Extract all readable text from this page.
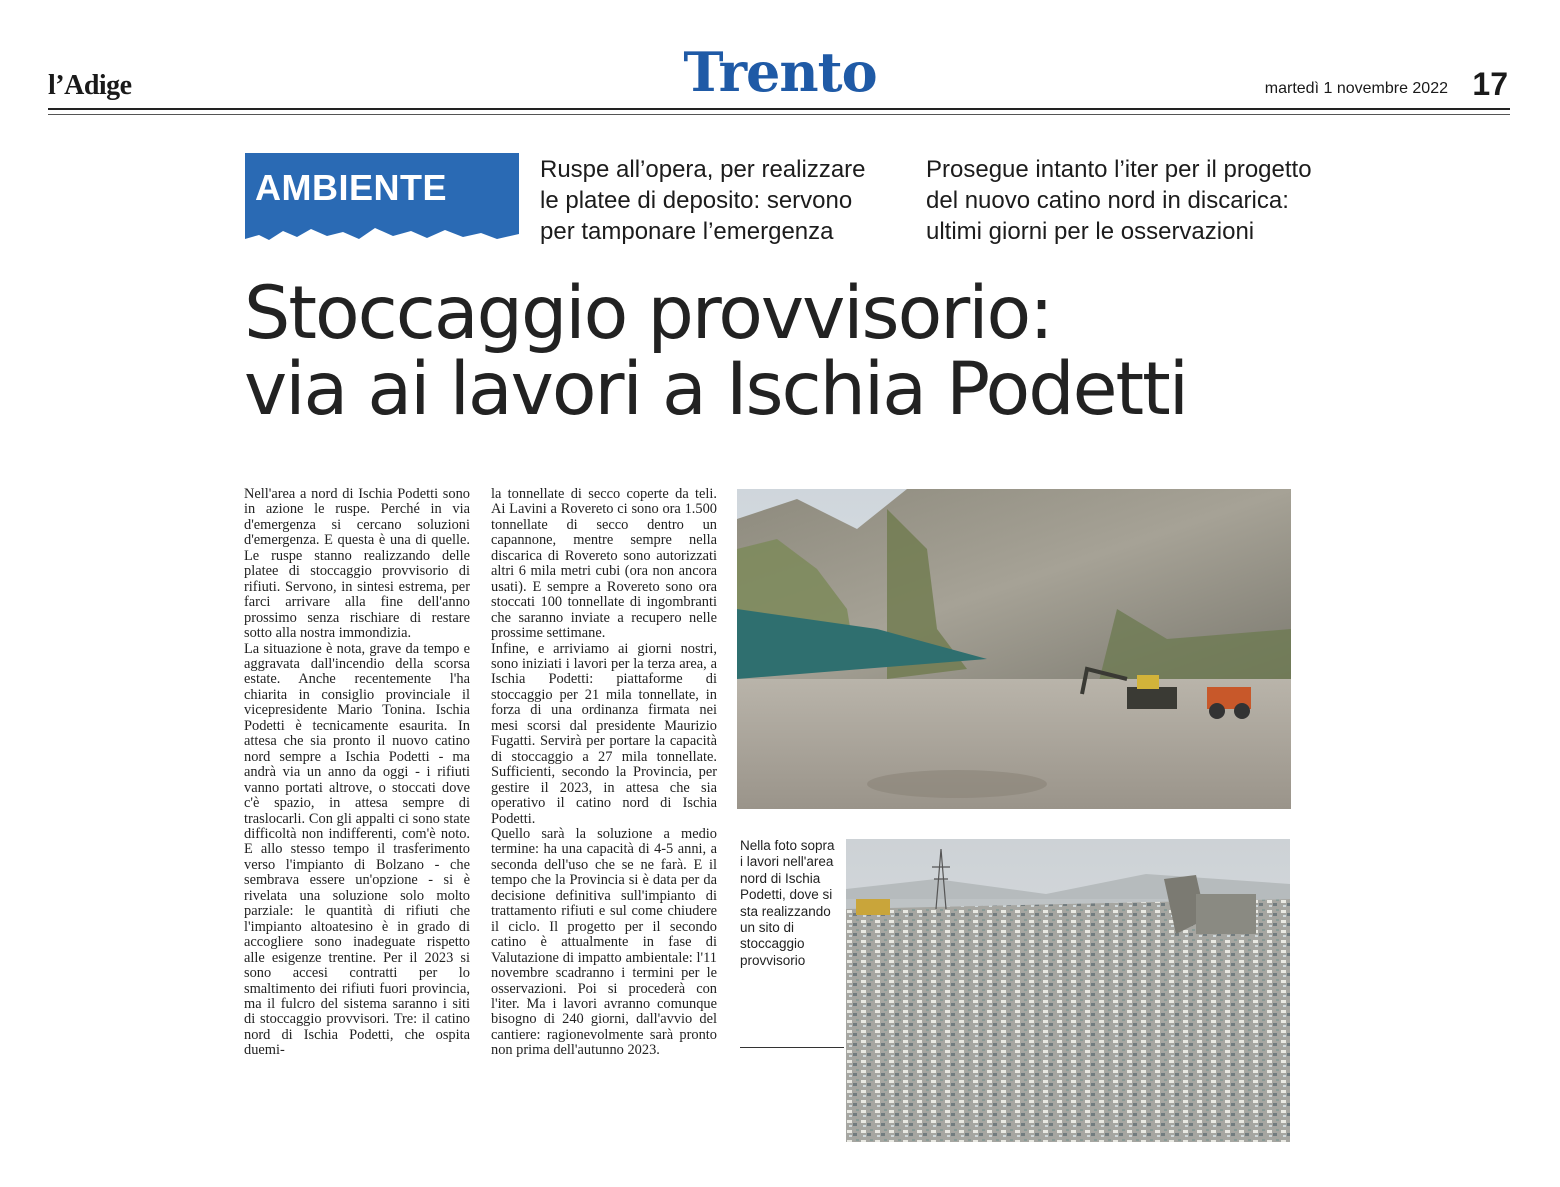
l’Adige	Trento	martedì 1 novembre 2022 17
AMBIENTE	Ruspe all’opera, per realizzare le platee di deposito: servono per tamponare l’emergenza
Prosegue intanto l’iter per il progetto del nuovo catino nord in discarica: ultimi giorni per le osservazioni
Stoccaggio provvisorio:
via ai lavori a Ischia Podetti

Nell'area a nord di Ischia Podetti sono in azione le ruspe. Perché in via d'emergenza si cercano soluzioni d'emergenza. E questa è una di quelle. Le ruspe stanno realizzando delle platee di stoccaggio provvisorio di rifiuti. Servono, in sintesi estrema, per farci arrivare alla fine dell'anno prossimo senza rischiare di restare sotto alla nostra immondizia.

La situazione è nota, grave da tempo e aggravata dall'incendio della scorsa estate. Anche recentemente l'ha chiarita in consiglio provinciale il vicepresidente Mario Tonina. Ischia Podetti è tecnicamente esaurita. In attesa che sia pronto il nuovo catino nord sempre a Ischia Podetti - ma andrà via un anno da oggi - i rifiuti vanno portati altrove, o stoccati dove c'è spazio, in attesa sempre di traslocarli. Con gli appalti ci sono state difficoltà non indifferenti, com'è noto. E allo stesso tempo il trasferimento verso l'impianto di Bolzano - che sembrava essere un'opzione - si è rivelata una soluzione solo molto parziale: le quantità di rifiuti che l'impianto altoatesino è in grado di accogliere sono inadeguate rispetto alle esigenze trentine. Per il 2023 si sono accesi contratti per lo smaltimento dei rifiuti fuori provincia, ma il fulcro del sistema saranno i siti di stoccaggio provvisori. Tre: il catino nord di Ischia Podetti, che ospita duemi-

la tonnellate di secco coperte da teli. Ai Lavini a Rovereto ci sono ora 1.500 tonnellate di secco dentro un capannone, mentre sempre nella discarica di Rovereto sono autorizzati altri 6 mila metri cubi (ora non ancora usati). E sempre a Rovereto sono ora stoccati 100 tonnellate di ingombranti che saranno inviate a recupero nelle prossime settimane.

Infine, e arriviamo ai giorni nostri, sono iniziati i lavori per la terza area, a Ischia Podetti: piattaforme di stoccaggio per 21 mila tonnellate, in forza di una ordinanza firmata nei mesi scorsi dal presidente Maurizio Fugatti. Servirà per portare la capacità di stoccaggio a 27 mila tonnellate. Sufficienti, secondo la Provincia, per gestire il 2023, in attesa che sia operativo il catino nord di Ischia Podetti.

Quello sarà la soluzione a medio termine: ha una capacità di 4-5 anni, a seconda dell'uso che se ne farà. E il tempo che la Provincia si è data per da decisione definitiva sull'impianto di trattamento rifiuti e sul come chiudere il ciclo. Il progetto per il secondo catino è attualmente in fase di Valutazione di impatto ambientale: l'11 novembre scadranno i termini per le osservazioni. Poi si procederà con l'iter. Ma i lavori avranno comunque bisogno di 240 giorni, dall'avvio del cantiere: ragionevolmente sarà pronto non prima dell'autunno 2023.

Nella foto sopra i lavori nell'area nord di Ischia Podetti, dove si sta realizzando un sito di stoccaggio provvisorio
